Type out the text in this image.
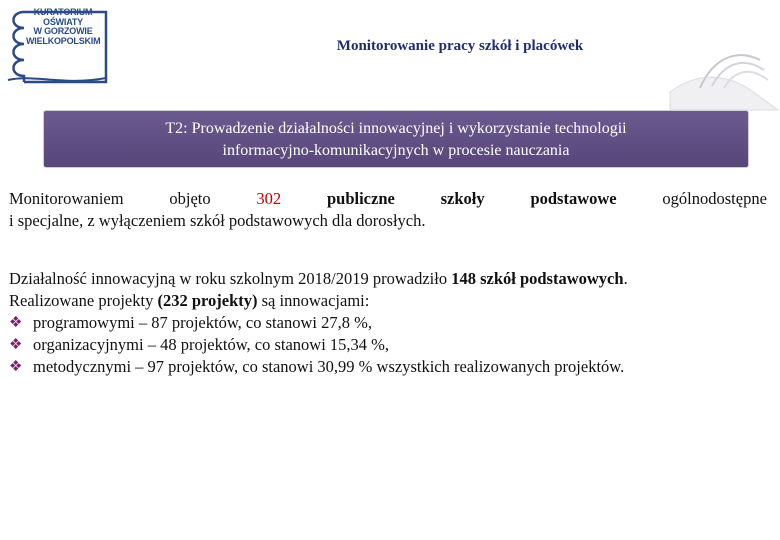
KURATORIUM
OŚWIATY
W GORZOWIE
WIELKOPOLSKIM	Monitorowanie pracy szkół i placówek
T2: Prowadzenie działalności innowacyjnej i wykorzystanie technologii
informacyjno-komunikacyjnych w procesie nauczania
Monitorowaniem	objęto	302	publiczne	szkoły	podstawowe	ogólnodostępne
i specjalne, z wyłączeniem szkół podstawowych dla dorosłych.
Działalność innowacyjną w roku szkolnym 2018/2019 prowadziło 148 szkół podstawowych.
Realizowane projekty (232 projekty) są innowacjami:
❖ programowymi – 87 projektów, co stanowi 27,8 %,
❖ organizacyjnymi – 48 projektów, co stanowi 15,34 %,
❖ metodycznymi – 97 projektów, co stanowi 30,99 % wszystkich realizowanych projektów.
